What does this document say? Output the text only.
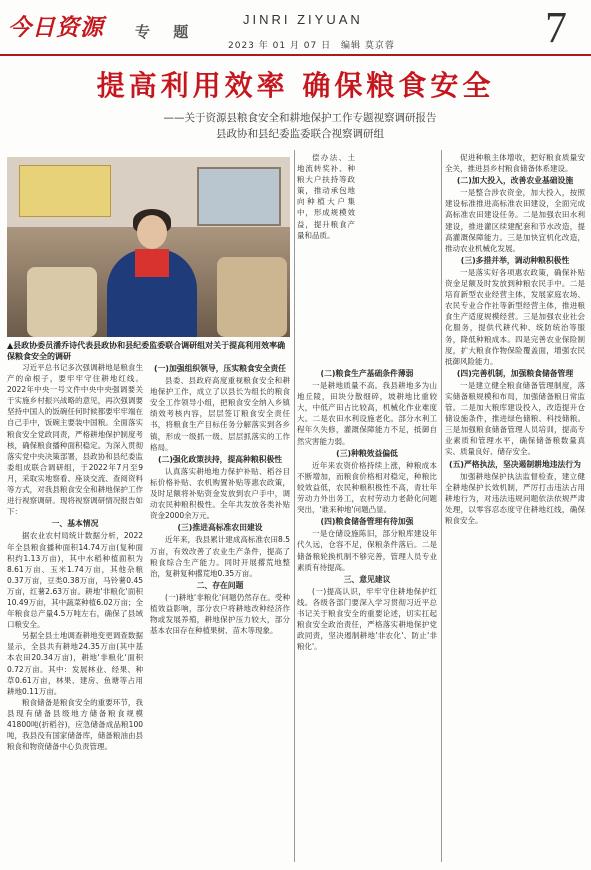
今日资源 专 题
JINRI ZIYUAN
2023 年 01 月 07 日 编辑 莫京蓉	7
提高利用效率 确保粮食安全
——关于资源县粮食安全和耕地保护工作专题视察调研报告
县政协和县纪委监委联合视察调研组
▲县政协委员潘乔诗代表县政协和县纪委监委联合调研组对关于提高利用效率确保粮食安全的调研

习近平总书记多次强调耕地是粮食生产的命根子，要牢牢守住耕地红线。2022年中央一号文件中央中央强调要关于实施乡村振兴战略的意见，再次强调要坚持中国人的饭碗任何时候都要牢牢端在自己手中，饭碗主要装中国粮。全面落实粮食安全党政同责，严格耕地保护制度考核，确保粮食播种面积稳定。为深入贯彻落实党中央决策部署，县政协和县纪委监委组成联合调研组，于2022年7月至9月，采取实地察看、座谈交流、查阅资料等方式，对我县粮食安全和耕地保护工作进行视察调研。现将视察调研情况报告如下：

一、基本情况

据农业农村局统计数据分析，2022年全县粮食播种面积14.74万亩(复种面积约1.13万亩)，其中水稻种植面积为8.61万亩、玉米1.74万亩，其他杂粮0.37万亩，豆类0.38万亩，马铃薯0.45万亩，红薯2.63万亩。耕地'非粮化'面积10.49万亩，其中蔬菜种植6.02万亩；全年粮食总产量4.5万吨左右，确保了县域口粮安全。

另据全县土地调查耕地变更调查数据显示，全县共有耕地24.35万亩(其中基本农田20.34万亩)，耕地'非粮化'面积0.72万亩。其中：发展林业、经果、种草0.61万亩，林果、建房、鱼塘等占用耕地0.11万亩。

粮食储备是粮食安全的重要环节，我县现有储备县级地方储备粮食规模41800吨(折稻谷)，应急储备成品粮100吨，我县没有国家储备库，储备粮油由县粮食和物资储备中心负责管理。

(一)加强组织领导，压实粮食安全责任

县委、县政府高度重视粮食安全和耕地保护工作，成立了以县长为组长的粮食安全工作领导小组，把粮食安全纳入乡镇绩效考核内容，层层签订粮食安全责任书，将粮食生产目标任务分解落实到各乡镇，形成一级抓一级、层层抓落实的工作格局。

(二)强化政策扶持，提高种粮积极性

认真落实耕地地力保护补贴、稻谷目标价格补贴、农机购置补贴等惠农政策，及时足额将补贴资金发放到农户手中，调动农民种粮积极性。全年共发放各类补贴资金2000余万元。

(三)推进高标准农田建设

近年来，我县累计建成高标准农田8.5万亩，有效改善了农业生产条件，提高了粮食综合生产能力。同时开展撂荒地整治，复耕复种撂荒地0.35万亩。

二、存在问题

(一)耕地'非粮化'问题仍然存在。受种植效益影响，部分农户将耕地改种经济作物或发展养殖，耕地保护压力较大，部分基本农田存在种植果树、苗木等现象。

偿办法、土地流转奖补、种粮大户扶持等政策，推动承包地向种植大户集中，形成规模效益，提升粮食产量和品质。

(二)粮食生产基础条件薄弱

一是耕地质量不高。我县耕地多为山地丘陵，田块分散细碎，坡耕地比重较大，中低产田占比较高，机械化作业难度大。二是农田水利设施老化。部分水利工程年久失修，灌溉保障能力不足，抵御自然灾害能力弱。

(三)种粮效益偏低

近年来农资价格持续上涨，种粮成本不断增加，而粮食价格相对稳定，种粮比较效益低，农民种粮积极性不高，青壮年劳动力外出务工，农村劳动力老龄化问题突出，'谁来种地'问题凸显。

(四)粮食储备管理有待加强

一是仓储设施陈旧，部分粮库建设年代久远，仓容不足，保粮条件落后。二是储备粮轮换机制不够完善，管理人员专业素质有待提高。

三、意见建议

(一)提高认识，牢牢守住耕地保护红线。各级各部门要深入学习贯彻习近平总书记关于粮食安全的重要论述，切实扛起粮食安全政治责任，严格落实耕地保护党政同责，坚决遏制耕地'非农化'、防止'非粮化'。

促进种粮主体增收，把好粮食质量安全关，推进县乡村粮食储备体系建设。

(二)加大投入，改善农业基础设施

一是整合涉农资金，加大投入，按照建设标准推进高标准农田建设，全面完成高标准农田建设任务。二是加强农田水利建设，推进灌区续建配套和节水改造，提高灌溉保障能力。三是加快宜机化改造，推动农业机械化发展。

(三)多措并举，调动种粮积极性

一是落实好各项惠农政策，确保补贴资金足额及时发放到种粮农民手中。二是培育新型农业经营主体，发展家庭农场、农民专业合作社等新型经营主体，推进粮食生产适度规模经营。三是加强农业社会化服务，提供代耕代种、统防统治等服务，降低种粮成本。四是完善农业保险制度，扩大粮食作物保险覆盖面，增强农民抵御风险能力。

(四)完善机制，加强粮食储备管理

一是建立健全粮食储备管理制度，落实储备粮规模和布局，加强储备粮日常监管。二是加大粮库建设投入，改造提升仓储设施条件，推进绿色储粮、科技储粮。三是加强粮食储备管理人员培训，提高专业素质和管理水平，确保储备粮数量真实、质量良好、储存安全。

(五)严格执法，坚决遏制耕地违法行为

加强耕地保护执法监督检查，建立健全耕地保护长效机制，严厉打击违法占用耕地行为，对违法违规问题依法依规严肃处理，以零容忍态度守住耕地红线，确保粮食安全。
